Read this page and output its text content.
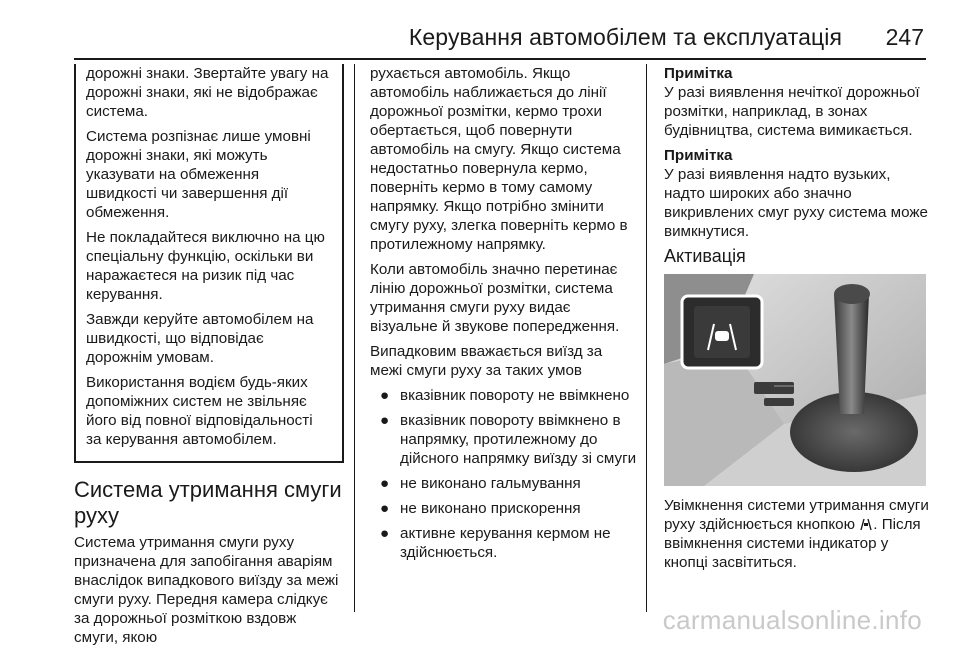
Керування автомобілем та експлуатація 247

дорожні знаки. Звертайте увагу на дорожні знаки, які не відображає система.

Система розпізнає лише умовні дорожні знаки, які можуть указувати на обмеження швидкості чи завершення дії обмеження.

Не покладайтеся виключно на цю спеціальну функцію, оскільки ви наражаєтеся на ризик під час керування.

Завжди керуйте автомобілем на швидкості, що відповідає дорожнім умовам.

Використання водієм будь-яких допоміжних систем не звільняє його від повної відповідальності за керування автомобілем.

Система утримання смуги руху

Система утримання смуги руху призначена для запобігання аваріям внаслідок випадкового виїзду за межі смуги руху. Передня камера слідкує за дорожньої розміткою вздовж смуги, якою

рухається автомобіль. Якщо автомобіль наближається до лінії дорожньої розмітки, кермо трохи обертається, щоб повернути автомобіль на смугу. Якщо система недостатньо повернула кермо, поверніть кермо в тому самому напрямку. Якщо потрібно змінити смугу руху, злегка поверніть кермо в протилежному напрямку.

Коли автомобіль значно перетинає лінію дорожньої розмітки, система утримання смуги руху видає візуальне й звукове попередження.

Випадковим вважається виїзд за межі смуги руху за таких умов

● вказівник повороту не ввімкнено
● вказівник повороту ввімкнено в напрямку, протилежному до дійсного напрямку виїзду зі смуги
● не виконано гальмування
● не виконано прискорення
● активне керування кермом не здійснюється.
Примітка

У разі виявлення нечіткої дорожньої розмітки, наприклад, в зонах будівництва, система вимикається.

Примітка

У разі виявлення надто вузьких, надто широких або значно викривлених смуг руху система може вимкнутися.

Активація

Увімкнення системи утримання смуги руху здійснюється кнопкою . Після ввімкнення системи індикатор у кнопці засвітиться.

carmanualsonline.info
